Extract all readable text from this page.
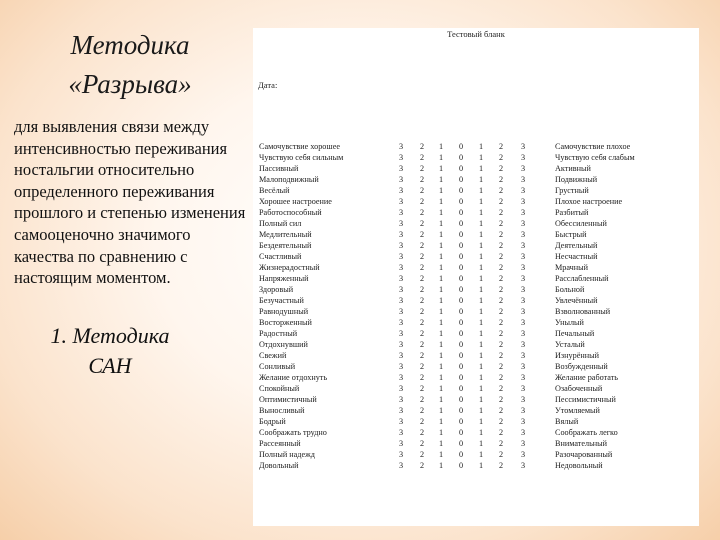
Методика
«Разрыва»
для выявления связи между интенсивностью переживания ностальгии относительно определенного переживания прошлого и степенью изменения самооценочно значимого качества по сравнению с настоящим моментом.
1. Методика
САН
Тестовый бланк
Дата:
Самочувствие хорошее	3	2	1	0	1	2	3	Самочувствие плохое
Чувствую себя сильным	3	2	1	0	1	2	3	Чувствую себя слабым
Пассивный	3	2	1	0	1	2	3	Активный
Малоподвижный	3	2	1	0	1	2	3	Подвижный
Весёлый	3	2	1	0	1	2	3	Грустный
Хорошее настроение	3	2	1	0	1	2	3	Плохое настроение
Работоспособный	3	2	1	0	1	2	3	Разбитый
Полный сил	3	2	1	0	1	2	3	Обессиленный
Медлительный	3	2	1	0	1	2	3	Быстрый
Бездеятельный	3	2	1	0	1	2	3	Деятельный
Счастливый	3	2	1	0	1	2	3	Несчастный
Жизнерадостный	3	2	1	0	1	2	3	Мрачный
Напряженный	3	2	1	0	1	2	3	Расслабленный
Здоровый	3	2	1	0	1	2	3	Больной
Безучастный	3	2	1	0	1	2	3	Увлечённый
Равнодушный	3	2	1	0	1	2	3	Взволнованный
Восторженный	3	2	1	0	1	2	3	Унылый
Радостный	3	2	1	0	1	2	3	Печальный
Отдохнувший	3	2	1	0	1	2	3	Усталый
Свежий	3	2	1	0	1	2	3	Изнурённый
Сонливый	3	2	1	0	1	2	3	Возбужденный
Желание отдохнуть	3	2	1	0	1	2	3	Желание работать
Спокойный	3	2	1	0	1	2	3	Озабоченный
Оптимистичный	3	2	1	0	1	2	3	Пессимистичный
Выносливый	3	2	1	0	1	2	3	Утомляемый
Бодрый	3	2	1	0	1	2	3	Вялый
Соображать трудно	3	2	1	0	1	2	3	Соображать легко
Рассеянный	3	2	1	0	1	2	3	Внимательный
Полный надежд	3	2	1	0	1	2	3	Разочарованный
Довольный	3	2	1	0	1	2	3	Недовольный
